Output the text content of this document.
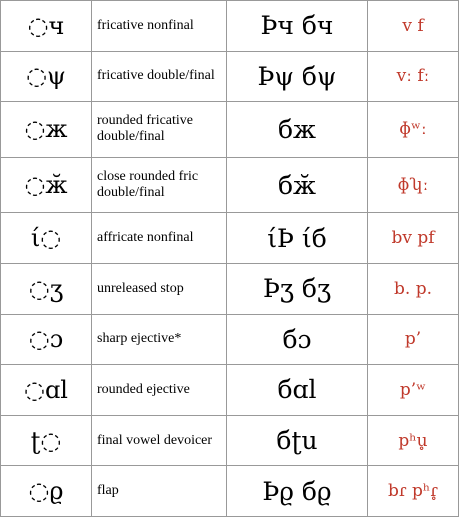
◌ч	fricative nonfinal	Þч бч	v f
◌ψ	fricative double/final	Þψ бψ	vː fː
◌ж	rounded fricative double/final	бж	ɸʷː
◌ӂ	close rounded fric double/final	бӂ	ɸʮː
ί◌	affricate nonfinal	ίÞ ίб	bv pf
◌ʒ	unreleased stop	Þʒ бʒ	b. p.
◌ɔ	sharp ejective*	бɔ	p’
◌ɑl	rounded ejective	бɑl	p’ʷ
ʈ◌	final vowel devoicer	бʈu	pʰu̥
◌ϱ	flap	Þϱ бϱ	bɾ pʰɾ̥
